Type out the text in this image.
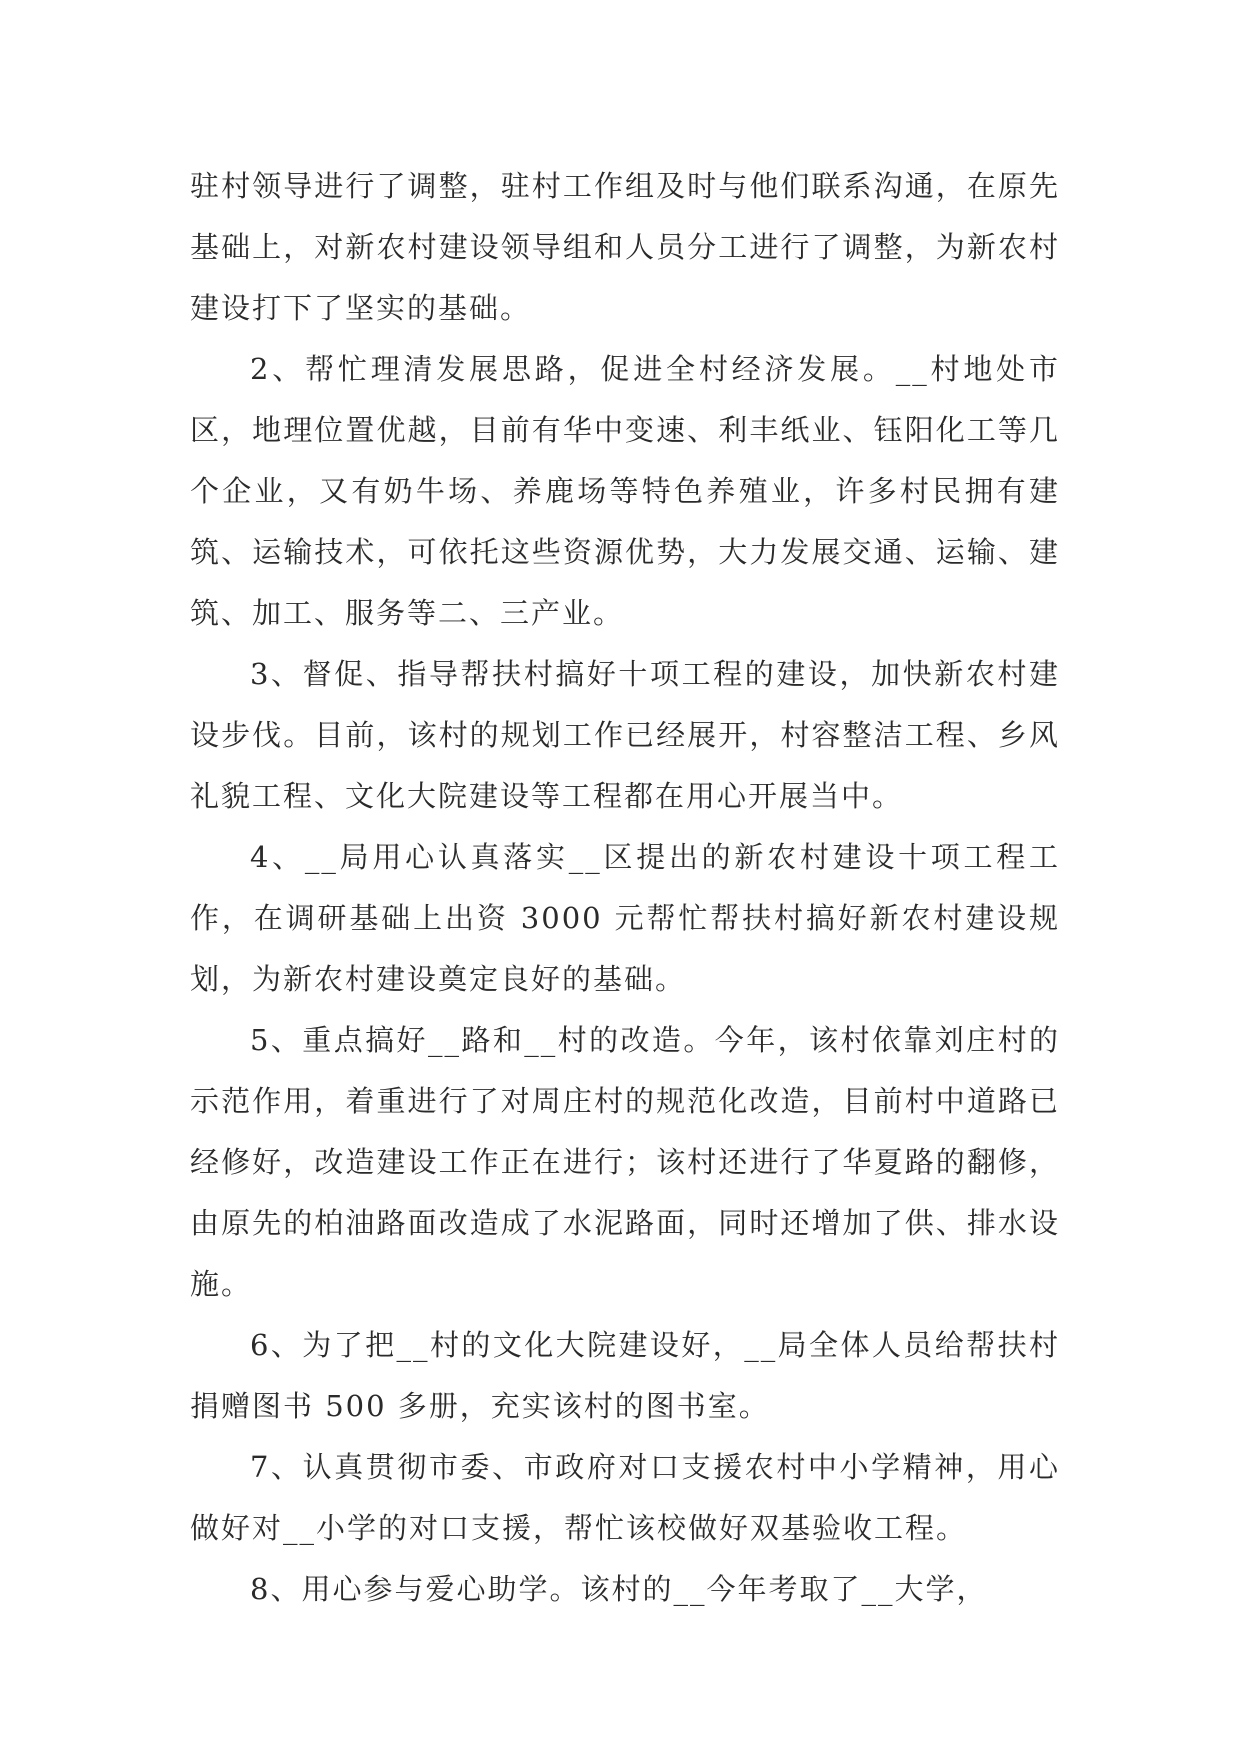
驻村领导进行了调整，驻村工作组及时与他们联系沟通，在原先基础上，对新农村建设领导组和人员分工进行了调整，为新农村建设打下了坚实的基础。

2、帮忙理清发展思路，促进全村经济发展。__村地处市区，地理位置优越，目前有华中变速、利丰纸业、钰阳化工等几个企业，又有奶牛场、养鹿场等特色养殖业，许多村民拥有建筑、运输技术，可依托这些资源优势，大力发展交通、运输、建筑、加工、服务等二、三产业。

3、督促、指导帮扶村搞好十项工程的建设，加快新农村建设步伐。目前，该村的规划工作已经展开，村容整洁工程、乡风礼貌工程、文化大院建设等工程都在用心开展当中。

4、__局用心认真落实__区提出的新农村建设十项工程工作，在调研基础上出资 3000 元帮忙帮扶村搞好新农村建设规划，为新农村建设奠定良好的基础。

5、重点搞好__路和__村的改造。今年，该村依靠刘庄村的示范作用，着重进行了对周庄村的规范化改造，目前村中道路已经修好，改造建设工作正在进行；该村还进行了华夏路的翻修，由原先的柏油路面改造成了水泥路面，同时还增加了供、排水设施。

6、为了把__村的文化大院建设好，__局全体人员给帮扶村捐赠图书 500 多册，充实该村的图书室。

7、认真贯彻市委、市政府对口支援农村中小学精神，用心做好对__小学的对口支援，帮忙该校做好双基验收工程。

8、用心参与爱心助学。该村的__今年考取了__大学，
